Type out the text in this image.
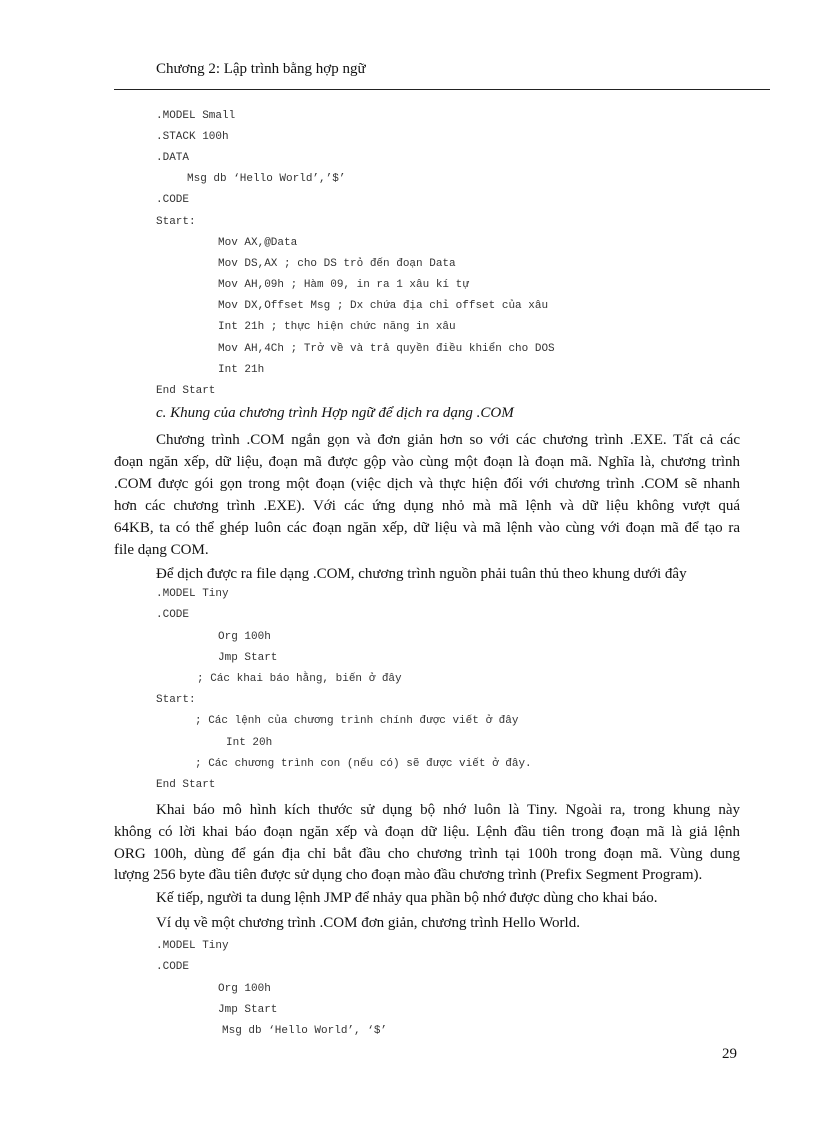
Chương 2: Lập trình bằng hợp ngữ
.MODEL Small
.STACK 100h
.DATA
Msg db ‘Hello World’,’$’
.CODE
Start:
Mov AX,@Data
Mov DS,AX ; cho DS trỏ đến đoạn Data
Mov AH,09h ; Hàm 09, in ra 1 xâu kí tự
Mov DX,Offset Msg ; Dx chứa địa chỉ offset của xâu
Int 21h ; thực hiện chức năng in xâu
Mov AH,4Ch ; Trở về và trả quyền điều khiển cho DOS
Int 21h
End Start
c. Khung của chương trình Hợp ngữ để dịch ra dạng .COM
Chương trình .COM ngắn gọn và đơn giản hơn so với các chương trình .EXE. Tất cả các
đoạn ngăn xếp, dữ liệu, đoạn mã được gộp vào cùng một đoạn là đoạn mã. Nghĩa là, chương trình
.COM được gói gọn trong một đoạn (việc dịch và thực hiện đối với chương trình .COM sẽ nhanh
hơn các chương trình .EXE). Với các ứng dụng nhỏ mà mã lệnh và dữ liệu không vượt quá
64KB, ta có thể ghép luôn các đoạn ngăn xếp, dữ liệu và mã lệnh vào cùng với đoạn mã để tạo ra
file dạng COM.
Để dịch được ra file dạng .COM, chương trình nguồn phải tuân thủ theo khung dưới đây
.MODEL Tiny
.CODE
Org 100h
Jmp Start
; Các khai báo hằng, biến ở đây
Start:
; Các lệnh của chương trình chính được viết ở đây
Int 20h
; Các chương trình con (nếu có) sẽ được viết ở đây.
End Start
Khai báo mô hình kích thước sử dụng bộ nhớ luôn là Tiny. Ngoài ra, trong khung này
không có lời khai báo đoạn ngăn xếp và đoạn dữ liệu. Lệnh đầu tiên trong đoạn mã là giả lệnh
ORG 100h, dùng để gán địa chỉ bắt đầu cho chương trình tại 100h trong đoạn mã. Vùng dung
lượng 256 byte đầu tiên được sử dụng cho đoạn mào đầu chương trình (Prefix Segment Program).
Kế tiếp, người ta dung lệnh JMP để nhảy qua phần bộ nhớ được dùng cho khai báo.
Ví dụ về một chương trình .COM đơn giản, chương trình Hello World.
.MODEL Tiny
.CODE
Org 100h
Jmp Start
Msg db ‘Hello World’, ‘$’
29
